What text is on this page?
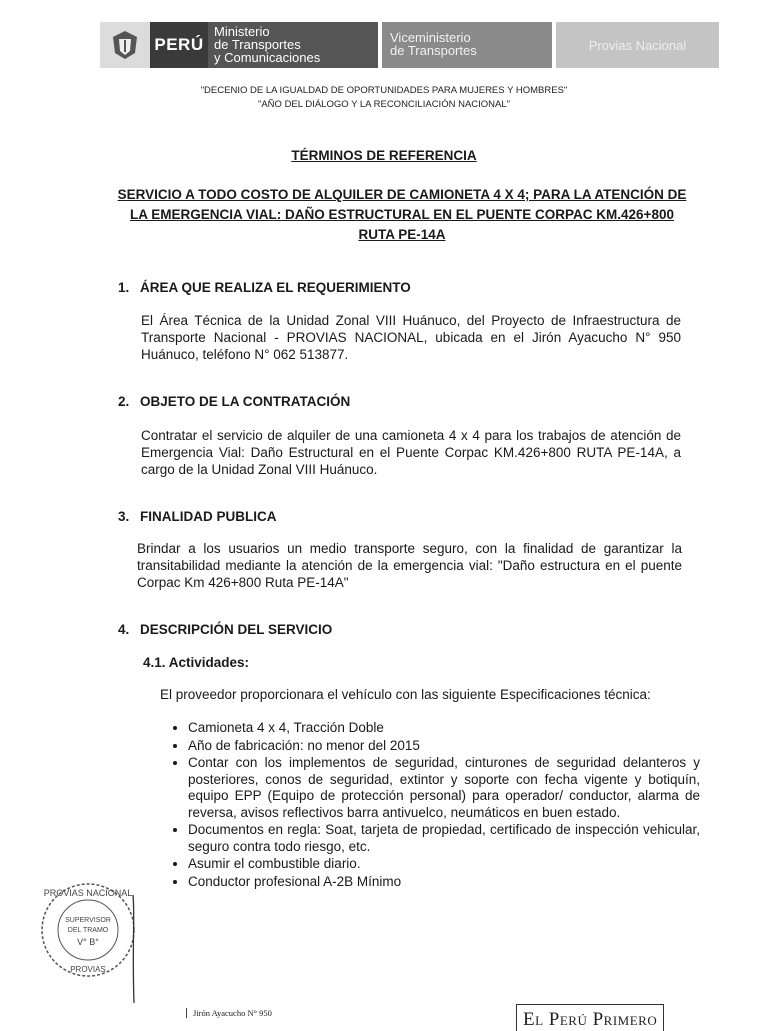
PERÚ
Ministerio
de Transportes
y Comunicaciones
Viceministerio
de Transportes	Provias Nacional
"DECENIO DE LA IGUALDAD DE OPORTUNIDADES PARA MUJERES Y HOMBRES"
"AÑO DEL DIÁLOGO Y LA RECONCILIACIÓN NACIONAL"
TÉRMINOS DE REFERENCIA
SERVICIO A TODO COSTO DE ALQUILER DE CAMIONETA 4 X 4; PARA LA ATENCIÓN DE LA EMERGENCIA VIAL: DAÑO ESTRUCTURAL EN EL PUENTE CORPAC KM.426+800 RUTA PE-14A
1. ÁREA QUE REALIZA EL REQUERIMIENTO
El Área Técnica de la Unidad Zonal VIII Huánuco, del Proyecto de Infraestructura de Transporte Nacional - PROVIAS NACIONAL, ubicada en el Jirón Ayacucho N° 950 Huánuco, teléfono N° 062 513877.
2. OBJETO DE LA CONTRATACIÓN
Contratar el servicio de alquiler de una camioneta 4 x 4 para los trabajos de atención de Emergencia Vial: Daño Estructural en el Puente Corpac KM.426+800 RUTA PE-14A, a cargo de la Unidad Zonal VIII Huánuco.
3. FINALIDAD PUBLICA
Brindar a los usuarios un medio transporte seguro, con la finalidad de garantizar la transitabilidad mediante la atención de la emergencia vial: "Daño estructura en el puente Corpac Km 426+800 Ruta PE-14A"
4. DESCRIPCIÓN DEL SERVICIO
4.1. Actividades:
El proveedor proporcionara el vehículo con las siguiente Especificaciones técnica:
• Camioneta 4 x 4, Tracción Doble
• Año de fabricación: no menor del 2015
• Contar con los implementos de seguridad, cinturones de seguridad delanteros y posteriores, conos de seguridad, extintor y soporte con fecha vigente y botiquín, equipo EPP (Equipo de protección personal) para operador/ conductor, alarma de reversa, avisos reflectivos barra antivuelco, neumáticos en buen estado.
• Documentos en regla: Soat, tarjeta de propiedad, certificado de inspección vehicular, seguro contra todo riesgo, etc.
• Asumir el combustible diario.
• Conductor profesional A-2B Mínimo
PROVIAS NACIONAL
SUPERVISOR
DEL TRAMO
V° B°
PROVIAS
Jirón Ayacucho N° 950	El Perú Primero
